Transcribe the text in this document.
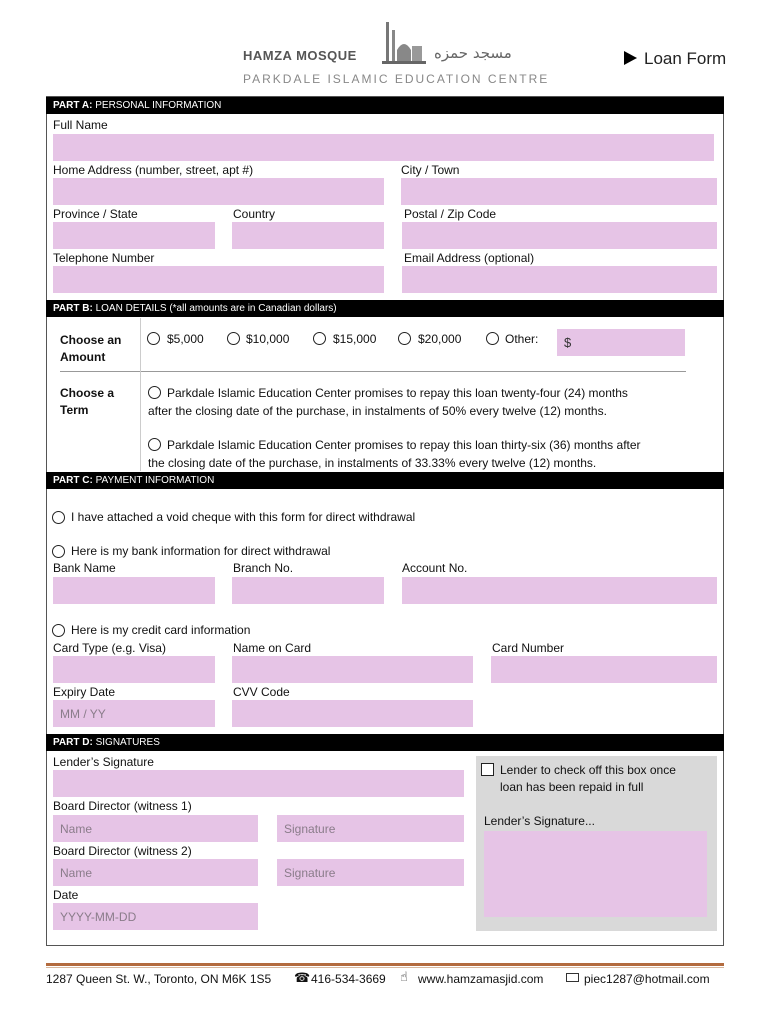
HAMZA MOSQUE	مسجد حمزه
PARKDALE ISLAMIC EDUCATION CENTRE
Loan Form
PART A: PERSONAL INFORMATION
Full Name
Home Address (number, street, apt #)	City / Town
Province / State	Country	Postal / Zip Code
Telephone Number	Email Address (optional)
PART B: LOAN DETAILS (*all amounts are in Canadian dollars)
Choose an
Amount
$5,000	$10,000	$15,000	$20,000	Other: $
Choose a
Term
Parkdale Islamic Education Center promises to repay this loan twenty-four (24) months
after the closing date of the purchase, in instalments of 50% every twelve (12) months.
Parkdale Islamic Education Center promises to repay this loan thirty-six (36) months after
the closing date of the purchase, in instalments of 33.33% every twelve (12) months.
PART C: PAYMENT INFORMATION
I have attached a void cheque with this form for direct withdrawal
Here is my bank information for direct withdrawal
Bank Name	Branch No.	Account No.
Here is my credit card information
Card Type (e.g. Visa)	Name on Card	Card Number
Expiry Date	CVV Code
MM / YY
PART D: SIGNATURES
Lender’s Signature
Board Director (witness 1)
Name
Signature
Board Director (witness 2)
Name
Signature
Date
YYYY-MM-DD
Lender to check off this box once
loan has been repaid in full
Lender’s Signature...
1287 Queen St. W., Toronto, ON M6K 1S5 ☎ 416-534-3669 ☝ www.hamzamasjid.com	piec1287@hotmail.com
